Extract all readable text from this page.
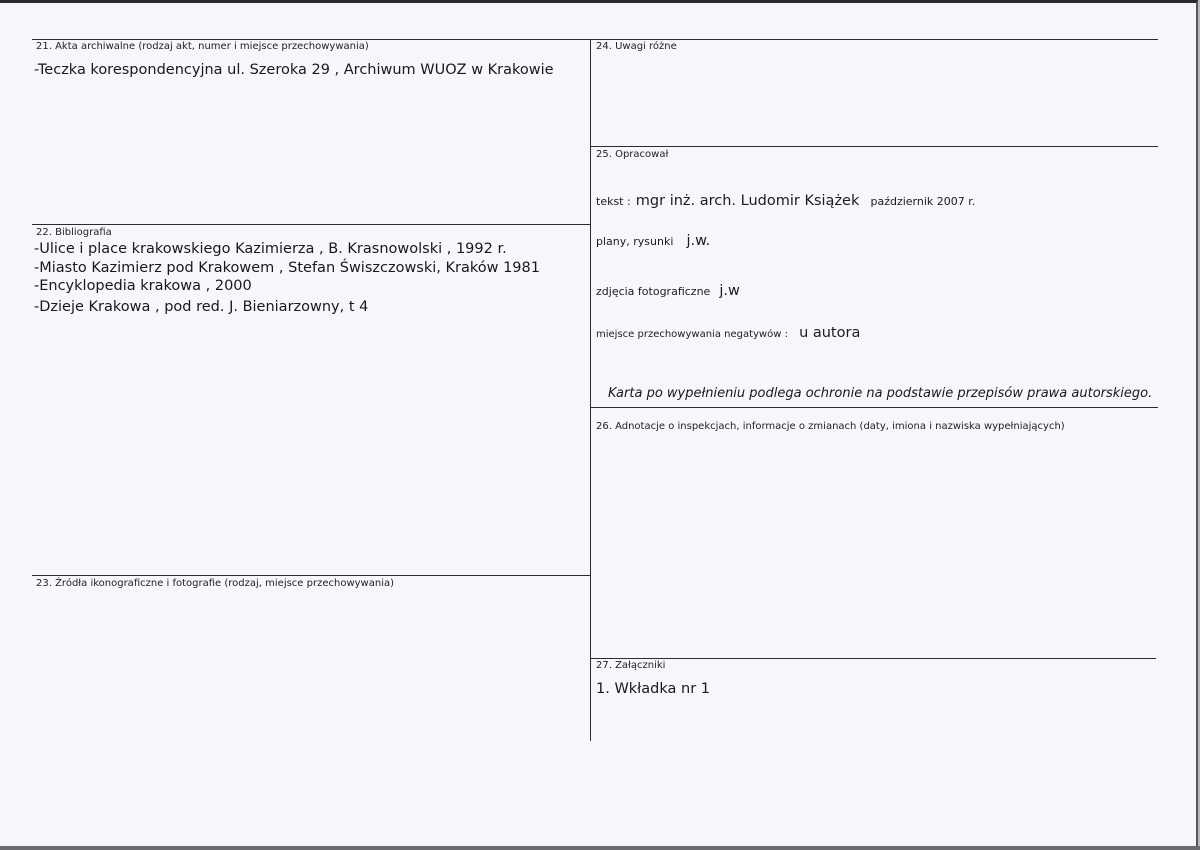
21. Akta archiwalne (rodzaj akt, numer i miejsce przechowywania)
-Teczka korespondencyjna ul. Szeroka 29 , Archiwum WUOZ w Krakowie
22. Bibliografia
-Ulice i place krakowskiego Kazimierza , B. Krasnowolski , 1992 r.
-Miasto Kazimierz pod Krakowem , Stefan Świszczowski, Kraków 1981
-Encyklopedia krakowa , 2000
-Dzieje Krakowa , pod red. J. Bieniarzowny, t 4
23. Źródła ikonograficzne i fotografie (rodzaj, miejsce przechowywania)
24. Uwagi różne
25. Opracował
tekst : mgr inż. arch. Ludomir Książek październik 2007 r.
plany, rysunki j.w.
zdjęcia fotograficzne j.w
miejsce przechowywania negatywów : u autora
Karta po wypełnieniu podlega ochronie na podstawie przepisów prawa autorskiego.
26. Adnotacje o inspekcjach, informacje o zmianach (daty, imiona i nazwiska wypełniających)
27. Załączniki
1. Wkładka nr 1
